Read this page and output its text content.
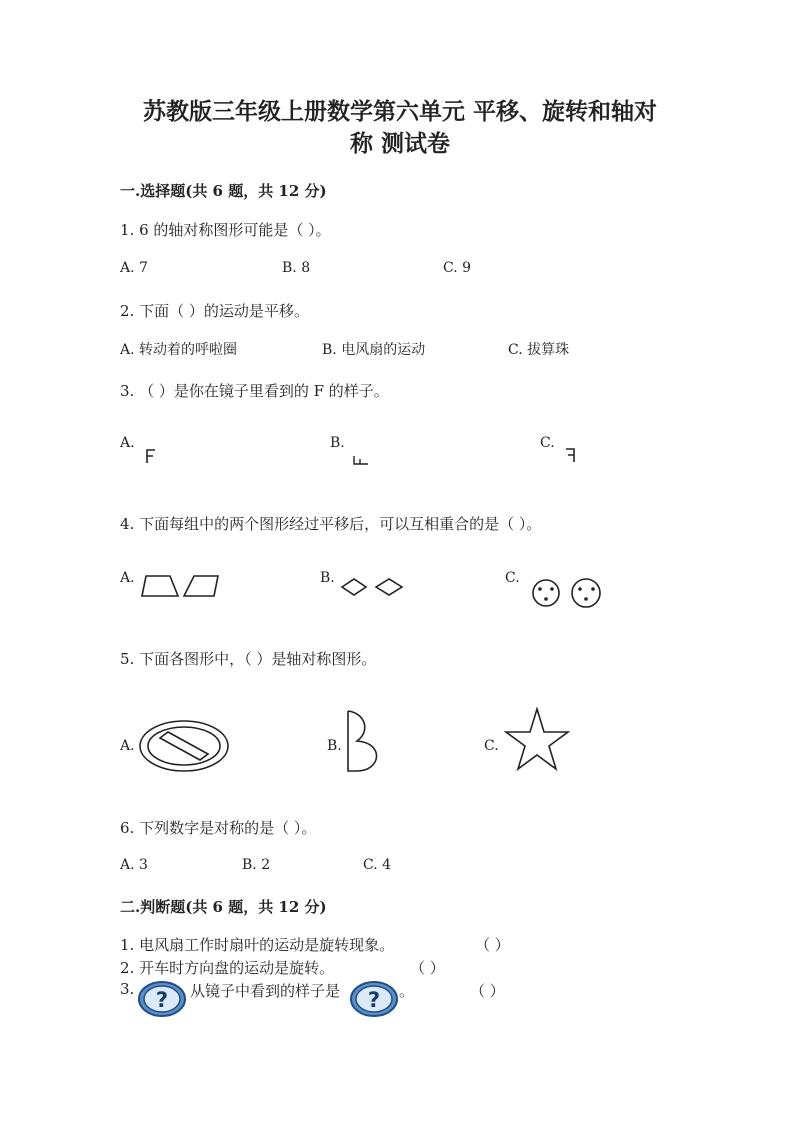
苏教版三年级上册数学第六单元 平移、旋转和轴对
称 测试卷
一.选择题(共 6 题，共 12 分)
1. 6 的轴对称图形可能是（ ）。
A. 7	B. 8	C. 9
2. 下面（ ）的运动是平移。
A. 转动着的呼啦圈	B. 电风扇的运动	C. 拔算珠
3. （ ）是你在镜子里看到的 F 的样子。
A.	B.	C.
4. 下面每组中的两个图形经过平移后，可以互相重合的是（ ）。
A.	B.	C.
5. 下面各图形中，（ ）是轴对称图形。
A.	B.	C.
6. 下列数字是对称的是（ ）。
A. 3	B. 2	C. 4
二.判断题(共 6 题，共 12 分)
1. 电风扇工作时扇叶的运动是旋转现象。	（ ）
2. 开车时方向盘的运动是旋转。	（ ）
3. ? 从镜子中看到的样子是 ? 。	（ ）
